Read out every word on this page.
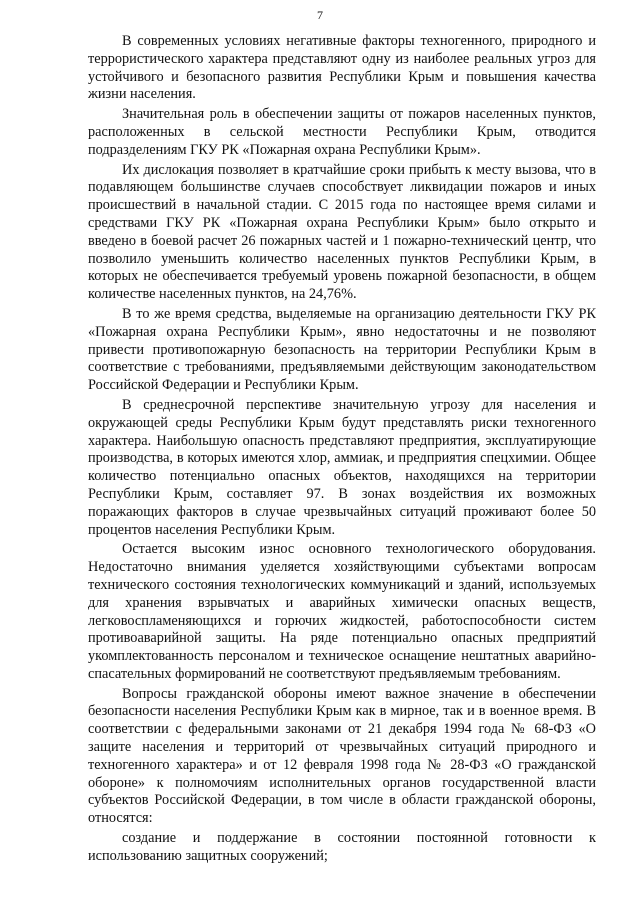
7

В современных условиях негативные факторы техногенного, природного и террористического характера представляют одну из наиболее реальных угроз для устойчивого и безопасного развития Республики Крым и повышения качества жизни населения.

Значительная роль в обеспечении защиты от пожаров населенных пунктов, расположенных в сельской местности Республики Крым, отводится подразделениям ГКУ РК «Пожарная охрана Республики Крым».

Их дислокация позволяет в кратчайшие сроки прибыть к месту вызова, что в подавляющем большинстве случаев способствует ликвидации пожаров и иных происшествий в начальной стадии. С 2015 года по настоящее время силами и средствами ГКУ РК «Пожарная охрана Республики Крым» было открыто и введено в боевой расчет 26 пожарных частей и 1 пожарно-технический центр, что позволило уменьшить количество населенных пунктов Республики Крым, в которых не обеспечивается требуемый уровень пожарной безопасности, в общем количестве населенных пунктов, на 24,76%.

В то же время средства, выделяемые на организацию деятельности ГКУ РК «Пожарная охрана Республики Крым», явно недостаточны и не позволяют привести противопожарную безопасность на территории Республики Крым в соответствие с требованиями, предъявляемыми действующим законодательством Российской Федерации и Республики Крым.

В среднесрочной перспективе значительную угрозу для населения и окружающей среды Республики Крым будут представлять риски техногенного характера. Наибольшую опасность представляют предприятия, эксплуатирующие производства, в которых имеются хлор, аммиак, и предприятия спецхимии. Общее количество потенциально опасных объектов, находящихся на территории Республики Крым, составляет 97. В зонах воздействия их возможных поражающих факторов в случае чрезвычайных ситуаций проживают более 50 процентов населения Республики Крым.

Остается высоким износ основного технологического оборудования. Недостаточно внимания уделяется хозяйствующими субъектами вопросам технического состояния технологических коммуникаций и зданий, используемых для хранения взрывчатых и аварийных химически опасных веществ, легковоспламеняющихся и горючих жидкостей, работоспособности систем противоаварийной защиты. На ряде потенциально опасных предприятий укомплектованность персоналом и техническое оснащение нештатных аварийно-спасательных формирований не соответствуют предъявляемым требованиям.

Вопросы гражданской обороны имеют важное значение в обеспечении безопасности населения Республики Крым как в мирное, так и в военное время. В соответствии с федеральными законами от 21 декабря 1994 года № 68-ФЗ «О защите населения и территорий от чрезвычайных ситуаций природного и техногенного характера» и от 12 февраля 1998 года № 28-ФЗ «О гражданской обороне» к полномочиям исполнительных органов государственной власти субъектов Российской Федерации, в том числе в области гражданской обороны, относятся:

создание и поддержание в состоянии постоянной готовности к использованию защитных сооружений;
